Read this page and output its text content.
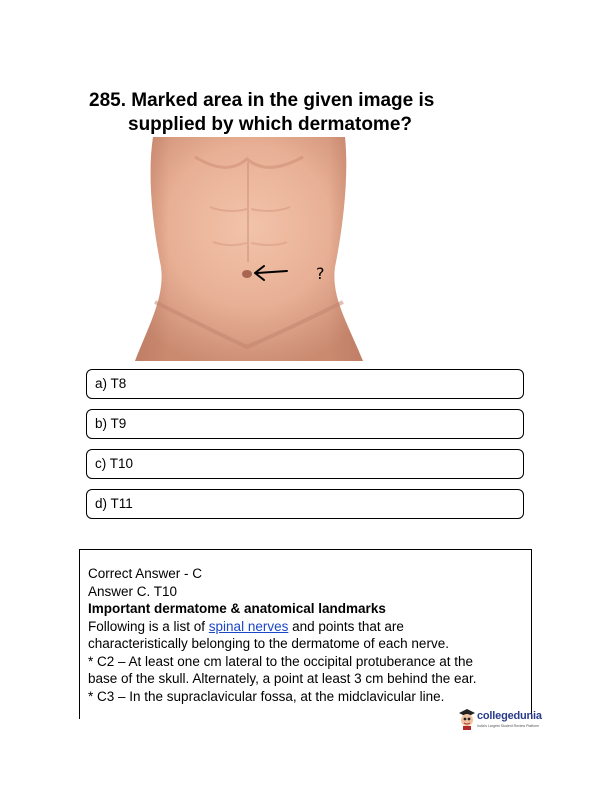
285. Marked area in the given image is
supplied by which dermatome?
?
a) T8
b) T9
c) T10
d) T11
Correct Answer - C
Answer C. T10
Important dermatome & anatomical landmarks
Following is a list of spinal nerves and points that are
characteristically belonging to the dermatome of each nerve.
* C2 – At least one cm lateral to the occipital protuberance at the
base of the skull. Alternately, a point at least 3 cm behind the ear.
* C3 – In the supraclavicular fossa, at the midclavicular line.
collegedunia
India's Largest Student Review Platform
